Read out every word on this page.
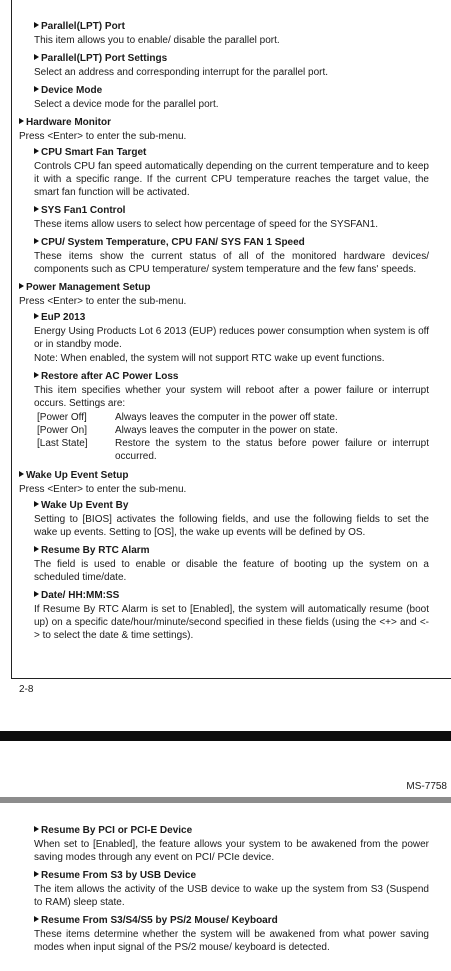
Parallel(LPT) Port
This item allows you to enable/ disable the parallel port.
Parallel(LPT) Port Settings
Select an address and corresponding interrupt for the parallel port.
Device Mode
Select a device mode for the parallel port.
Hardware Monitor
Press <Enter> to enter the sub-menu.
CPU Smart Fan Target
Controls CPU fan speed automatically depending on the current temperature and to keep it with a specific range. If the current CPU temperature reaches the target value, the smart fan function will be activated.
SYS Fan1 Control
These items allow users to select how percentage of speed for the SYSFAN1.
CPU/ System Temperature, CPU FAN/ SYS FAN 1 Speed
These items show the current status of all of the monitored hardware devices/ components such as CPU temperature/ system temperature and the few fans' speeds.
Power Management Setup
Press <Enter> to enter the sub-menu.
EuP 2013
Energy Using Products Lot 6 2013 (EUP) reduces power consumption when system is off or in standby mode.
Note: When enabled, the system will not support RTC wake up event functions.
Restore after AC Power Loss
This item specifies whether your system will reboot after a power failure or interrupt occurs. Settings are:
[Power Off]	Always leaves the computer in the power off state.
[Power On]	Always leaves the computer in the power on state.
[Last State]	Restore the system to the status before power failure or interrupt occurred.
Wake Up Event Setup
Press <Enter> to enter the sub-menu.
Wake Up Event By
Setting to [BIOS] activates the following fields, and use the following fields to set the wake up events. Setting to [OS], the wake up events will be defined by OS.
Resume By RTC Alarm
The field is used to enable or disable the feature of booting up the system on a scheduled time/date.
Date/ HH:MM:SS
If Resume By RTC Alarm is set to [Enabled], the system will automatically resume (boot up) on a specific date/hour/minute/second specified in these fields (using the <+> and <-> to select the date & time settings).
2-8
MS-7758
Resume By PCI or PCI-E Device
When set to [Enabled], the feature allows your system to be awakened from the power saving modes through any event on PCI/ PCIe device.
Resume From S3 by USB Device
The item allows the activity of the USB device to wake up the system from S3 (Suspend to RAM) sleep state.
Resume From S3/S4/S5 by PS/2 Mouse/ Keyboard
These items determine whether the system will be awakened from what power saving modes when input signal of the PS/2 mouse/ keyboard is detected.
